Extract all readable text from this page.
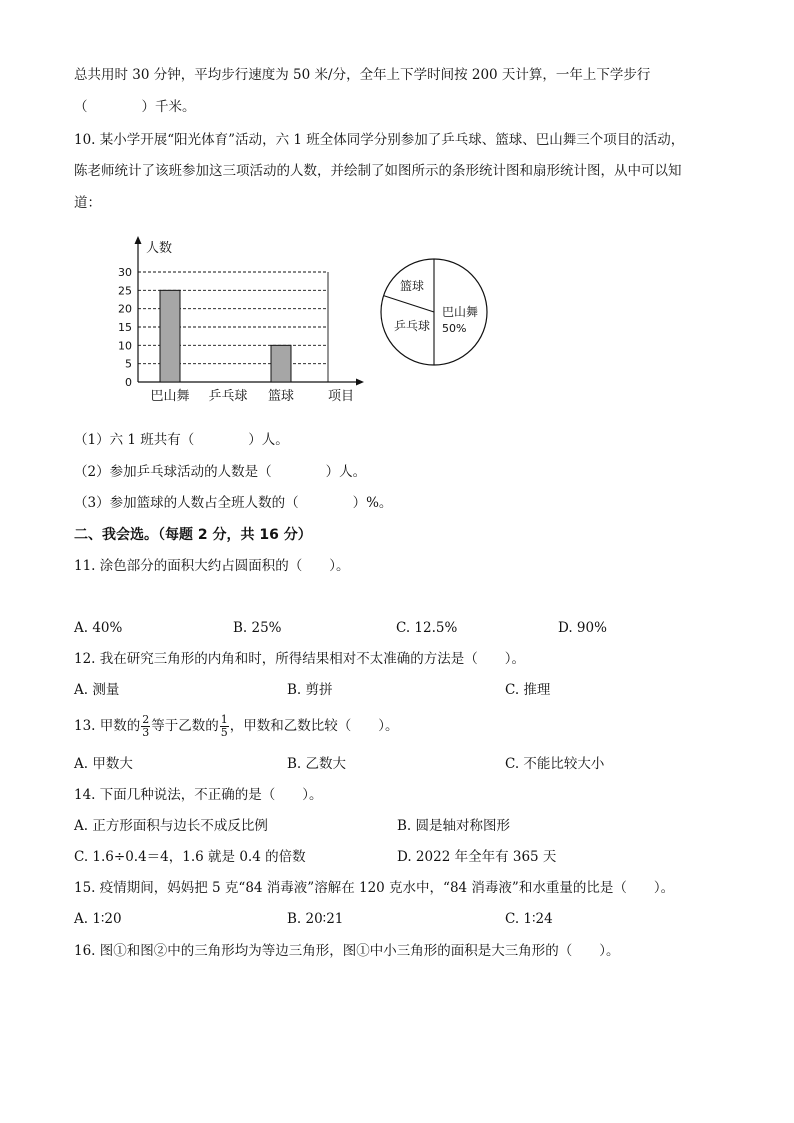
总共用时 30 分钟，平均步行速度为 50 米/分，全年上下学时间按 200 天计算，一年上下学步行
（　　　　）千米。
10. 某小学开展“阳光体育”活动，六 1 班全体同学分别参加了乒乓球、篮球、巴山舞三个项目的活动，
陈老师统计了该班参加这三项活动的人数，并绘制了如图所示的条形统计图和扇形统计图，从中可以知
道：
人数
项目
30
25
20
15
10
5
0
巴山舞 乒乓球 篮球
巴山舞
50%
篮球
乒乓球
（1）六 1 班共有（　　　　）人。
（2）参加乒乓球活动的人数是（　　　　）人。
（3）参加篮球的人数占全班人数的（　　　　）%。
二、我会选。（每题 2 分，共 16 分）
11. 涂色部分的面积大约占圆面积的（　　）。
A. 40%	B. 25%	C. 12.5%	D. 90%
12. 我在研究三角形的内角和时，所得结果相对不太准确的方法是（　　）。
A. 测量	B. 剪拼	C. 推理
13. 甲数的 $\frac{2}{3}$ 等于乙数的 $\frac{1}{5}$ ，甲数和乙数比较（　　）。
A. 甲数大	B. 乙数大	C. 不能比较大小
14. 下面几种说法，不正确的是（　　）。
A. 正方形面积与边长不成反比例	B. 圆是轴对称图形
C. 1.6÷0.4＝4，1.6 就是 0.4 的倍数	D. 2022 年全年有 365 天
15. 疫情期间，妈妈把 5 克“84 消毒液”溶解在 120 克水中，“84 消毒液”和水重量的比是（　　）。
A. 1∶20	B. 20∶21	C. 1∶24
16. 图①和图②中的三角形均为等边三角形，图①中小三角形的面积是大三角形的（　　）。
